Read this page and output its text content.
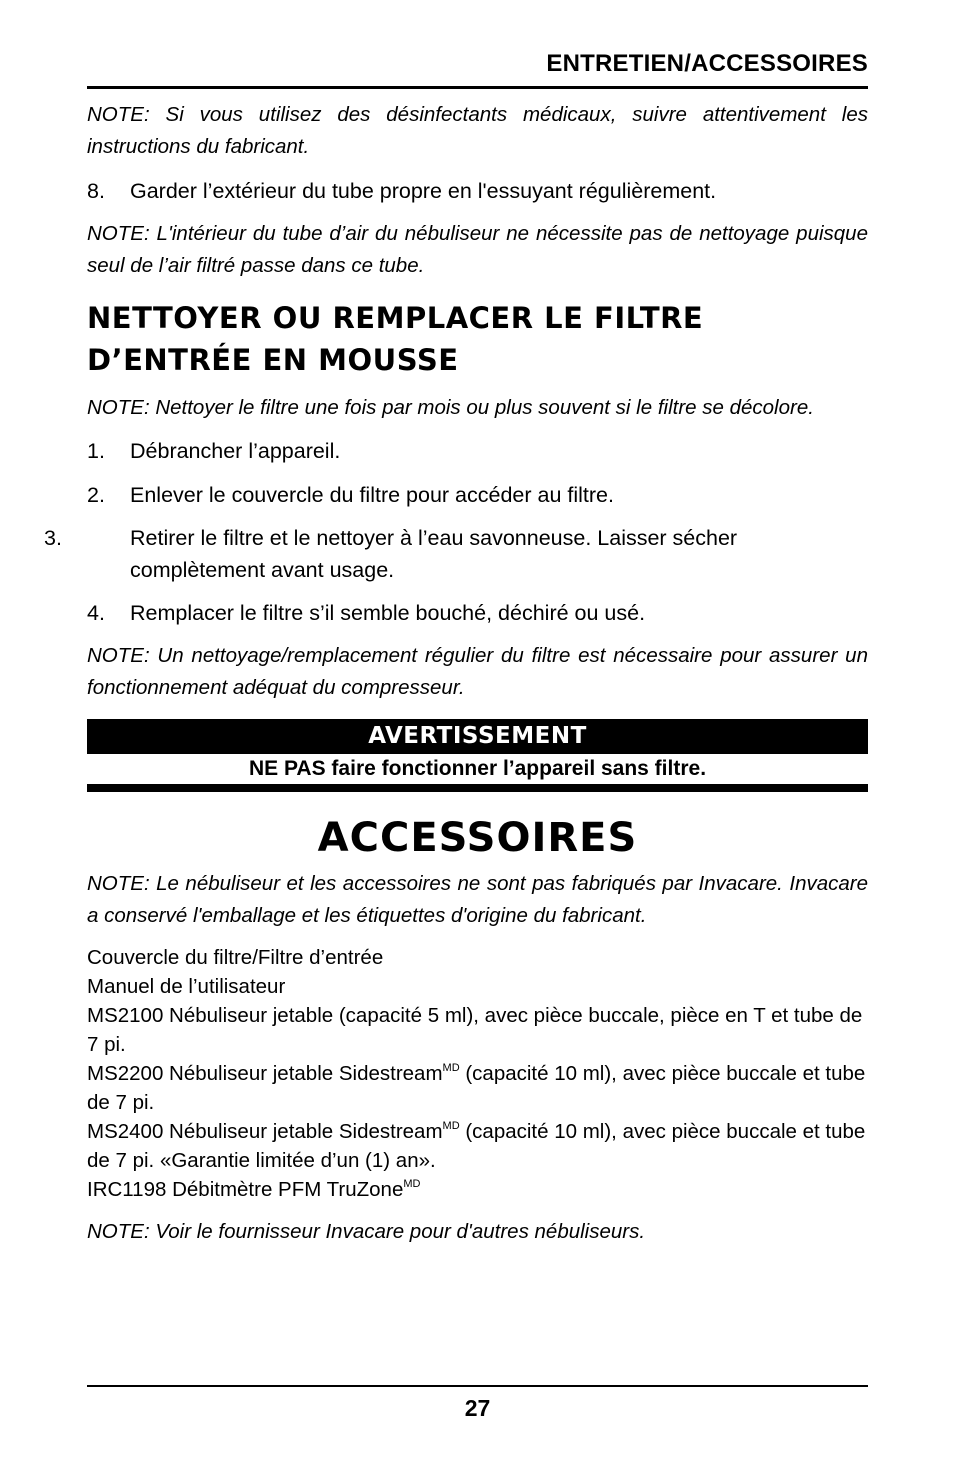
ENTRETIEN/ACCESSOIRES

NOTE: Si vous utilisez des désinfectants médicaux, suivre attentivement les instructions du fabricant.

8. Garder l’extérieur du tube propre en l'essuyant régulièrement.

NOTE: L'intérieur du tube d’air du nébuliseur ne nécessite pas de nettoyage puisque seul de l’air filtré passe dans ce tube.

NETTOYER OU REMPLACER LE FILTRE D’ENTRÉE EN MOUSSE

NOTE: Nettoyer le filtre une fois par mois ou plus souvent si le filtre se décolore.

1. Débrancher l’appareil.

2. Enlever le couvercle du filtre pour accéder au filtre.

3.	Retirer le filtre et le nettoyer à l’eau savonneuse. Laisser sécher complètement avant usage.

4. Remplacer le filtre s’il semble bouché, déchiré ou usé.

NOTE: Un nettoyage/remplacement régulier du filtre est nécessaire pour assurer un fonctionnement adéquat du compresseur.

AVERTISSEMENT
NE PAS faire fonctionner l’appareil sans filtre.
ACCESSOIRES

NOTE: Le nébuliseur et les accessoires ne sont pas fabriqués par Invacare. Invacare a conservé l'emballage et les étiquettes d'origine du fabricant.

Couvercle du filtre/Filtre d’entrée

Manuel de l’utilisateur

MS2100 Nébuliseur jetable (capacité 5 ml), avec pièce buccale, pièce en T et tube de 7 pi.

MS2200 Nébuliseur jetable Sidestream$^{MD}$ (capacité 10 ml), avec pièce buccale et tube de 7 pi.

MS2400 Nébuliseur jetable Sidestream$^{MD}$ (capacité 10 ml), avec pièce buccale et tube de 7 pi. «Garantie limitée d’un (1) an».

IRC1198 Débitmètre PFM TruZone$^{MD}$

NOTE: Voir le fournisseur Invacare pour d'autres nébuliseurs.

27
